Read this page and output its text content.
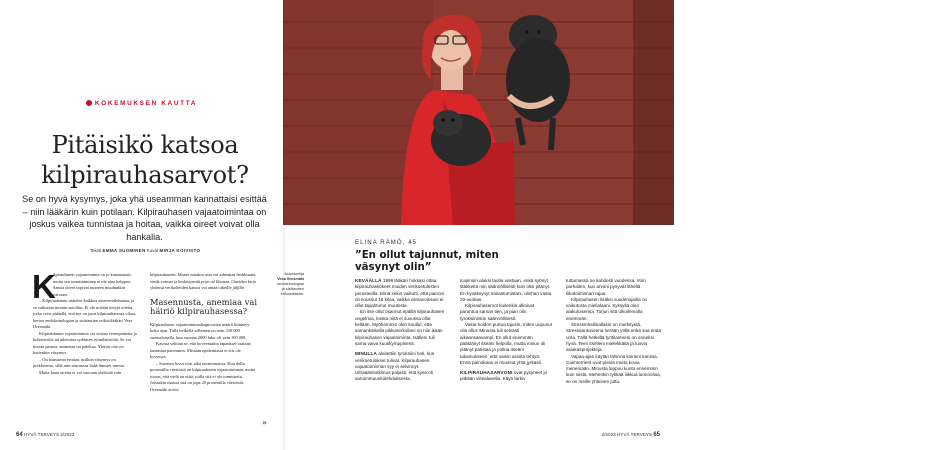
”Kilpari vaikuttaa myös mielialaan. Kun alakulo uhkaa, ulkoilen vielä enemmän kahden terrierini kanssa”, Elina Rämö sanoo.
KOKEMUKSEN KAUTTA
Pitäisikö katsoa
kilpirauhasarvot?
Se on hyvä kysymys, joka yhä useamman kannattaisi esittää – niin lääkärin kuin potilaan. Kilpirauhasen vajaatoimintaa on joskus vaikea tunnistaa ja hoitaa, vaikka oireet voivat olla hankalia.
Teksti EMMA SUOMINEN Kuvat MIRJA KOIVISTO
K

ilpirauhasen vajaatoiminta on jo kansantauti, mutta sen tunnistaminen ei ole aina helppoa. Samat oireet sopivat moneen muuhunkin vaivaan.

– Kilpirauhanen säätelee kaikkea aineenvaihduntaa, ja se vaikuttaa moniin asioihin. Ei ole mitään tietyjä oireita, jotka voisi päätellä, että nyt on juuri kilpirauhasessa vikaa, kertoo endokrinologian ja sisätautien erikoislääkäri Vesa Ilvesmäki.

Kilpirauhasen vajaatoiminta voi nostaa verenpainetta ja kolesterolia tai aiheuttaa sydämen rytmihäiriöitä. Se voi nostaa painoa, ummetaa tai paleltaa. Yleisin oire on kuitenkin väsymys.

– On haastavaa erottaa, milloin väsymys on poikkeavaa, sillä niin seuraussa lisää ihmiset unesta.

Mutta kaan oireita ei voi suoraan yhdistää vain

kilpirauhaseen. Monet muukin asia voi aiheuttaa herkkuutta, viedä voimat ja keskittymiskyvyn tai lihottaa. Oireiden kirjo yhdessä verikokeiden katsoa voi antaa oikeille jäljille.

Masennusta, anemiaa vai häiriö kilpirauhasessa?

Kilpirauhasen vajaatoimintadiagnoosien määrä lisääntyy koko ajan. Tällä hetkellä sellainen on noin 330 000 suomalaisella, kun vuonna 2000 luku oli vain 100 000.

Kasvua selittää se, että hoveentaitin tapaukset osataan tunnistaa paremmin. Mistään epidemiasta ei siis ole kysymys.

– Suomen luvut ovat aika tavanomaisia. Kuu della prosentilla väestöstä on kilpirauhasen vajaatoimintaa, mutta osoon, että vielä on niitä, joilla sitä ei ole tunnistettu. Joissakin maissa sitä on jopa 20 prosentilla väestöstä, Ilvesmäki arvioi.

Asiantuntija
Vesa Ilvesmäki
endokrinologian
ja sisätautien
erikoislääkäri.
»
ELINA RÄMÖ, 45
”En ollut tajunnut, miten väsynyt olin”

KEVÄÄLLÄ 1998 lääkäri hoksasi ottaa kilpirauhaskokeet muiden verikoetulosten perusteella. Elinä sekin vaikutti, että painoni oli noussut 15 kiloa, vaikka elintavoissani ei ollut tapahtunut muutosta.

En itse ollut osannut epäillä kilpirauhasen ongelmia, koska niitä ei suvussa ollut kellään. Myöhemmin olen kuullut, että samankäisellä pikkuserkullani on niin ikään kilpirauhasen vajaatoiminta. Isällenı tuli sama vaiva kuuskymppisenä.

MINULLA aloitettiin tyroksiini heti, kun verikoetulokset tulivat. Kilpirauhasen vajaatoiminnan syy ei selvinnyt. Ultraäänitutkimus paljasti, että kyse oli autoimmuunitulehduksesta.

Kapinoin aluksi tautia vastaan, enkä syönyt lääkkeitä niin säännöllisesti kuin olisi pitänyt. En hyväksynyt sairastumistani, olinhan vasta 20-vuotias.

Kilpirauhasarvot kuitenkin alkoivat parantua saman tien, ja pian olin tyroksiininkin säännöllisesti.

Vasta hoidon purtua tajusin, miten uupunut olin ollut. Minusta tuli selvästi aikaansaavampi. En ollut enemmän päästänyt itseäni helpolla, mutta minun oli pitänyt patistaa ja potkia itseäni takamukseen, että saisin asioita tehtyä. Ennä painokaan ei noussut yhtä jyrkästi.

KILPIRAUHASARVONI ovat pysyneet jo pitkään viitealueella. Käyn tarkiv

tuttamassa ne kahdesti vuodessa. Voin parhaiten, kun arvoni pysyvät lähellä liikatoiminnan rajaa.

Kilpirauhasen lisäksi vuodenajoilla on vaikutusta mielialaani. Syksyllä olen alakuloisempi. Torjun sitä ulkoilemalla enemmän.

Stressinhallinallakin on merkitystä. Stressaantuneena herään yöllä enkä saa enää unta. Tällä hetkellä työtilanteeni on onneksi hyvä. Teen itselleni mielekkäitä ja luovia asiakasprojekteja.

Vapaa-ajan käytän lähinnä koirieni kanssa. Cairnterrierit ovat pieniä mutta kovia menemään. Minusta loppuu kunto ennemmin kuin niistä. Mehenkin tykkää liikkua luonnossa, se on meille yhteinen juttu.

64 HYVÄ TERVEYS 2/2023	2/2023 HYVÄ TERVEYS 65
